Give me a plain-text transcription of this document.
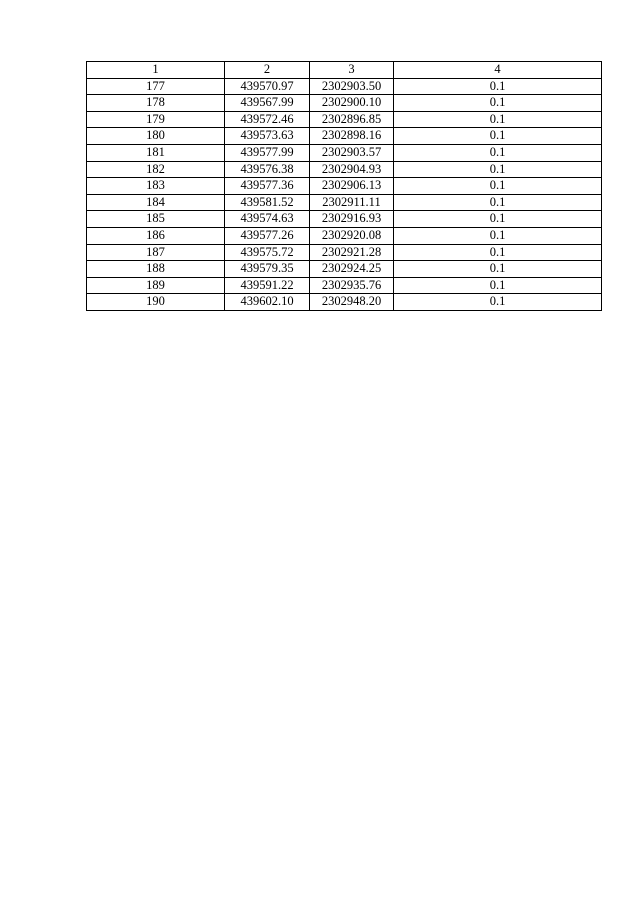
1	2	3	4
177	439570.97	2302903.50	0.1
178	439567.99	2302900.10	0.1
179	439572.46	2302896.85	0.1
180	439573.63	2302898.16	0.1
181	439577.99	2302903.57	0.1
182	439576.38	2302904.93	0.1
183	439577.36	2302906.13	0.1
184	439581.52	2302911.11	0.1
185	439574.63	2302916.93	0.1
186	439577.26	2302920.08	0.1
187	439575.72	2302921.28	0.1
188	439579.35	2302924.25	0.1
189	439591.22	2302935.76	0.1
190	439602.10	2302948.20	0.1
